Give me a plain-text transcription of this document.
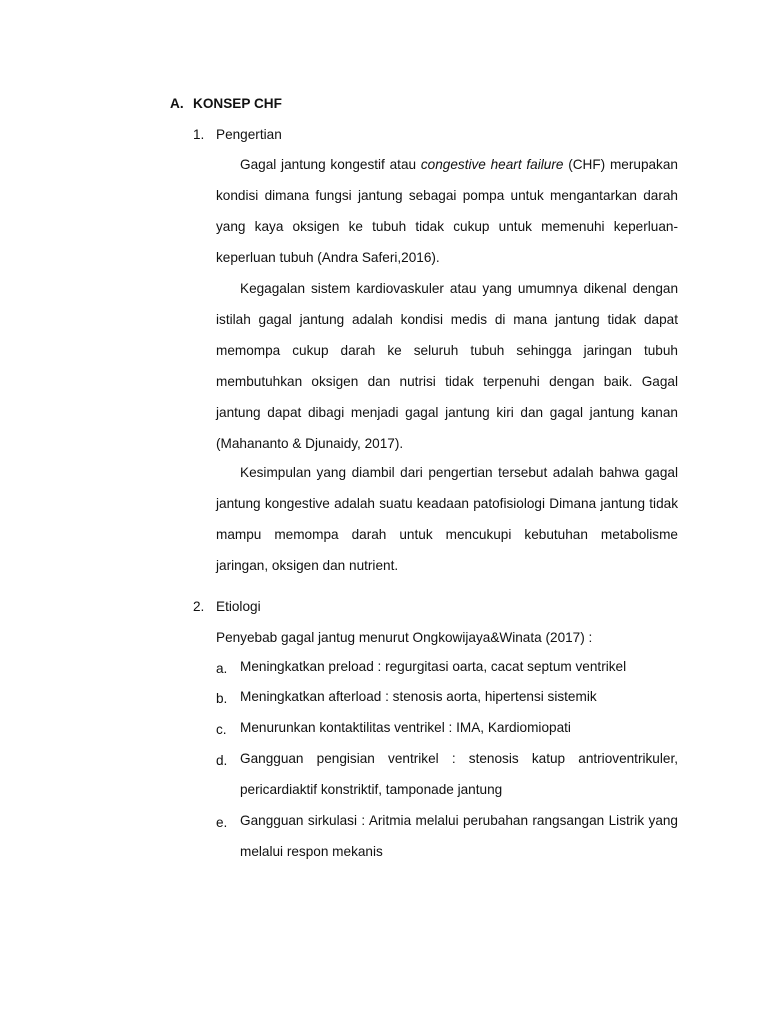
A. KONSEP CHF
1. Pengertian

Gagal jantung kongestif atau congestive heart failure (CHF) merupakan kondisi dimana fungsi jantung sebagai pompa untuk mengantarkan darah yang kaya oksigen ke tubuh tidak cukup untuk memenuhi keperluan-keperluan tubuh (Andra Saferi,2016).

Kegagalan sistem kardiovaskuler atau yang umumnya dikenal dengan istilah gagal jantung adalah kondisi medis di mana jantung tidak dapat memompa cukup darah ke seluruh tubuh sehingga jaringan tubuh membutuhkan oksigen dan nutrisi tidak terpenuhi dengan baik. Gagal jantung dapat dibagi menjadi gagal jantung kiri dan gagal jantung kanan (Mahananto & Djunaidy, 2017).

Kesimpulan yang diambil dari pengertian tersebut adalah bahwa gagal jantung kongestive adalah suatu keadaan patofisiologi Dimana jantung tidak mampu memompa darah untuk mencukupi kebutuhan metabolisme jaringan, oksigen dan nutrient.

2. Etiologi
Penyebab gagal jantug menurut Ongkowijaya&Winata (2017) :
a. Meningkatkan preload : regurgitasi oarta, cacat septum ventrikel

b. Meningkatkan afterload : stenosis aorta, hipertensi sistemik

c. Menurunkan kontaktilitas ventrikel : IMA, Kardiomiopati

d. Gangguan pengisian ventrikel : stenosis katup antrioventrikuler, pericardiaktif konstriktif, tamponade jantung

e. Gangguan sirkulasi : Aritmia melalui perubahan rangsangan Listrik yang melalui respon mekanis
